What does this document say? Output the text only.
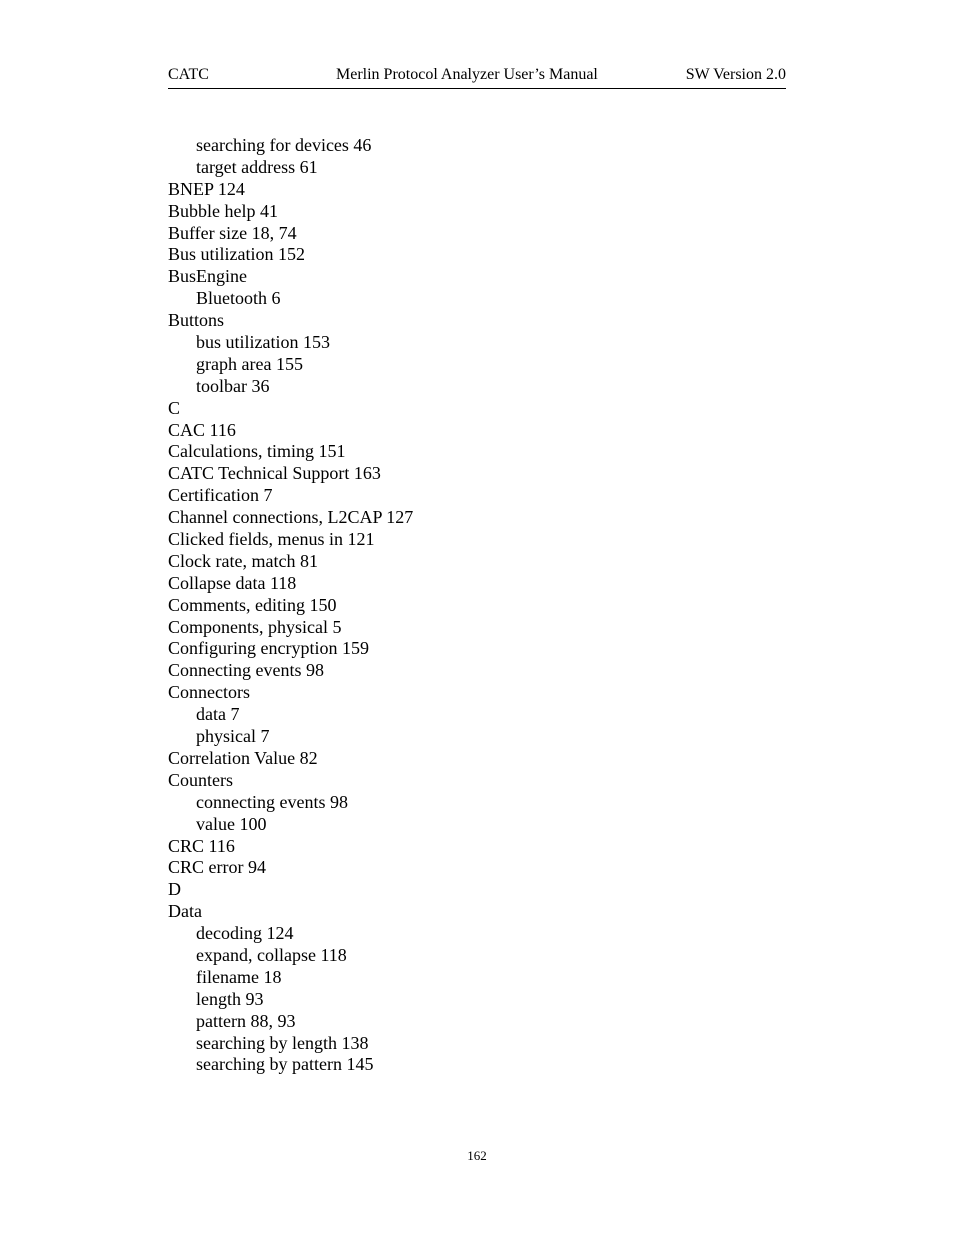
CATC	Merlin Protocol Analyzer User’s Manual	SW Version 2.0
searching for devices 46
target address 61
BNEP 124
Bubble help 41
Buffer size 18, 74
Bus utilization 152
BusEngine
Bluetooth 6
Buttons
bus utilization 153
graph area 155
toolbar 36
C
CAC 116
Calculations, timing 151
CATC Technical Support 163
Certification 7
Channel connections, L2CAP 127
Clicked fields, menus in 121
Clock rate, match 81
Collapse data 118
Comments, editing 150
Components, physical 5
Configuring encryption 159
Connecting events 98
Connectors
data 7
physical 7
Correlation Value 82
Counters
connecting events 98
value 100
CRC 116
CRC error 94
D
Data
decoding 124
expand, collapse 118
filename 18
length 93
pattern 88, 93
searching by length 138
searching by pattern 145
162
